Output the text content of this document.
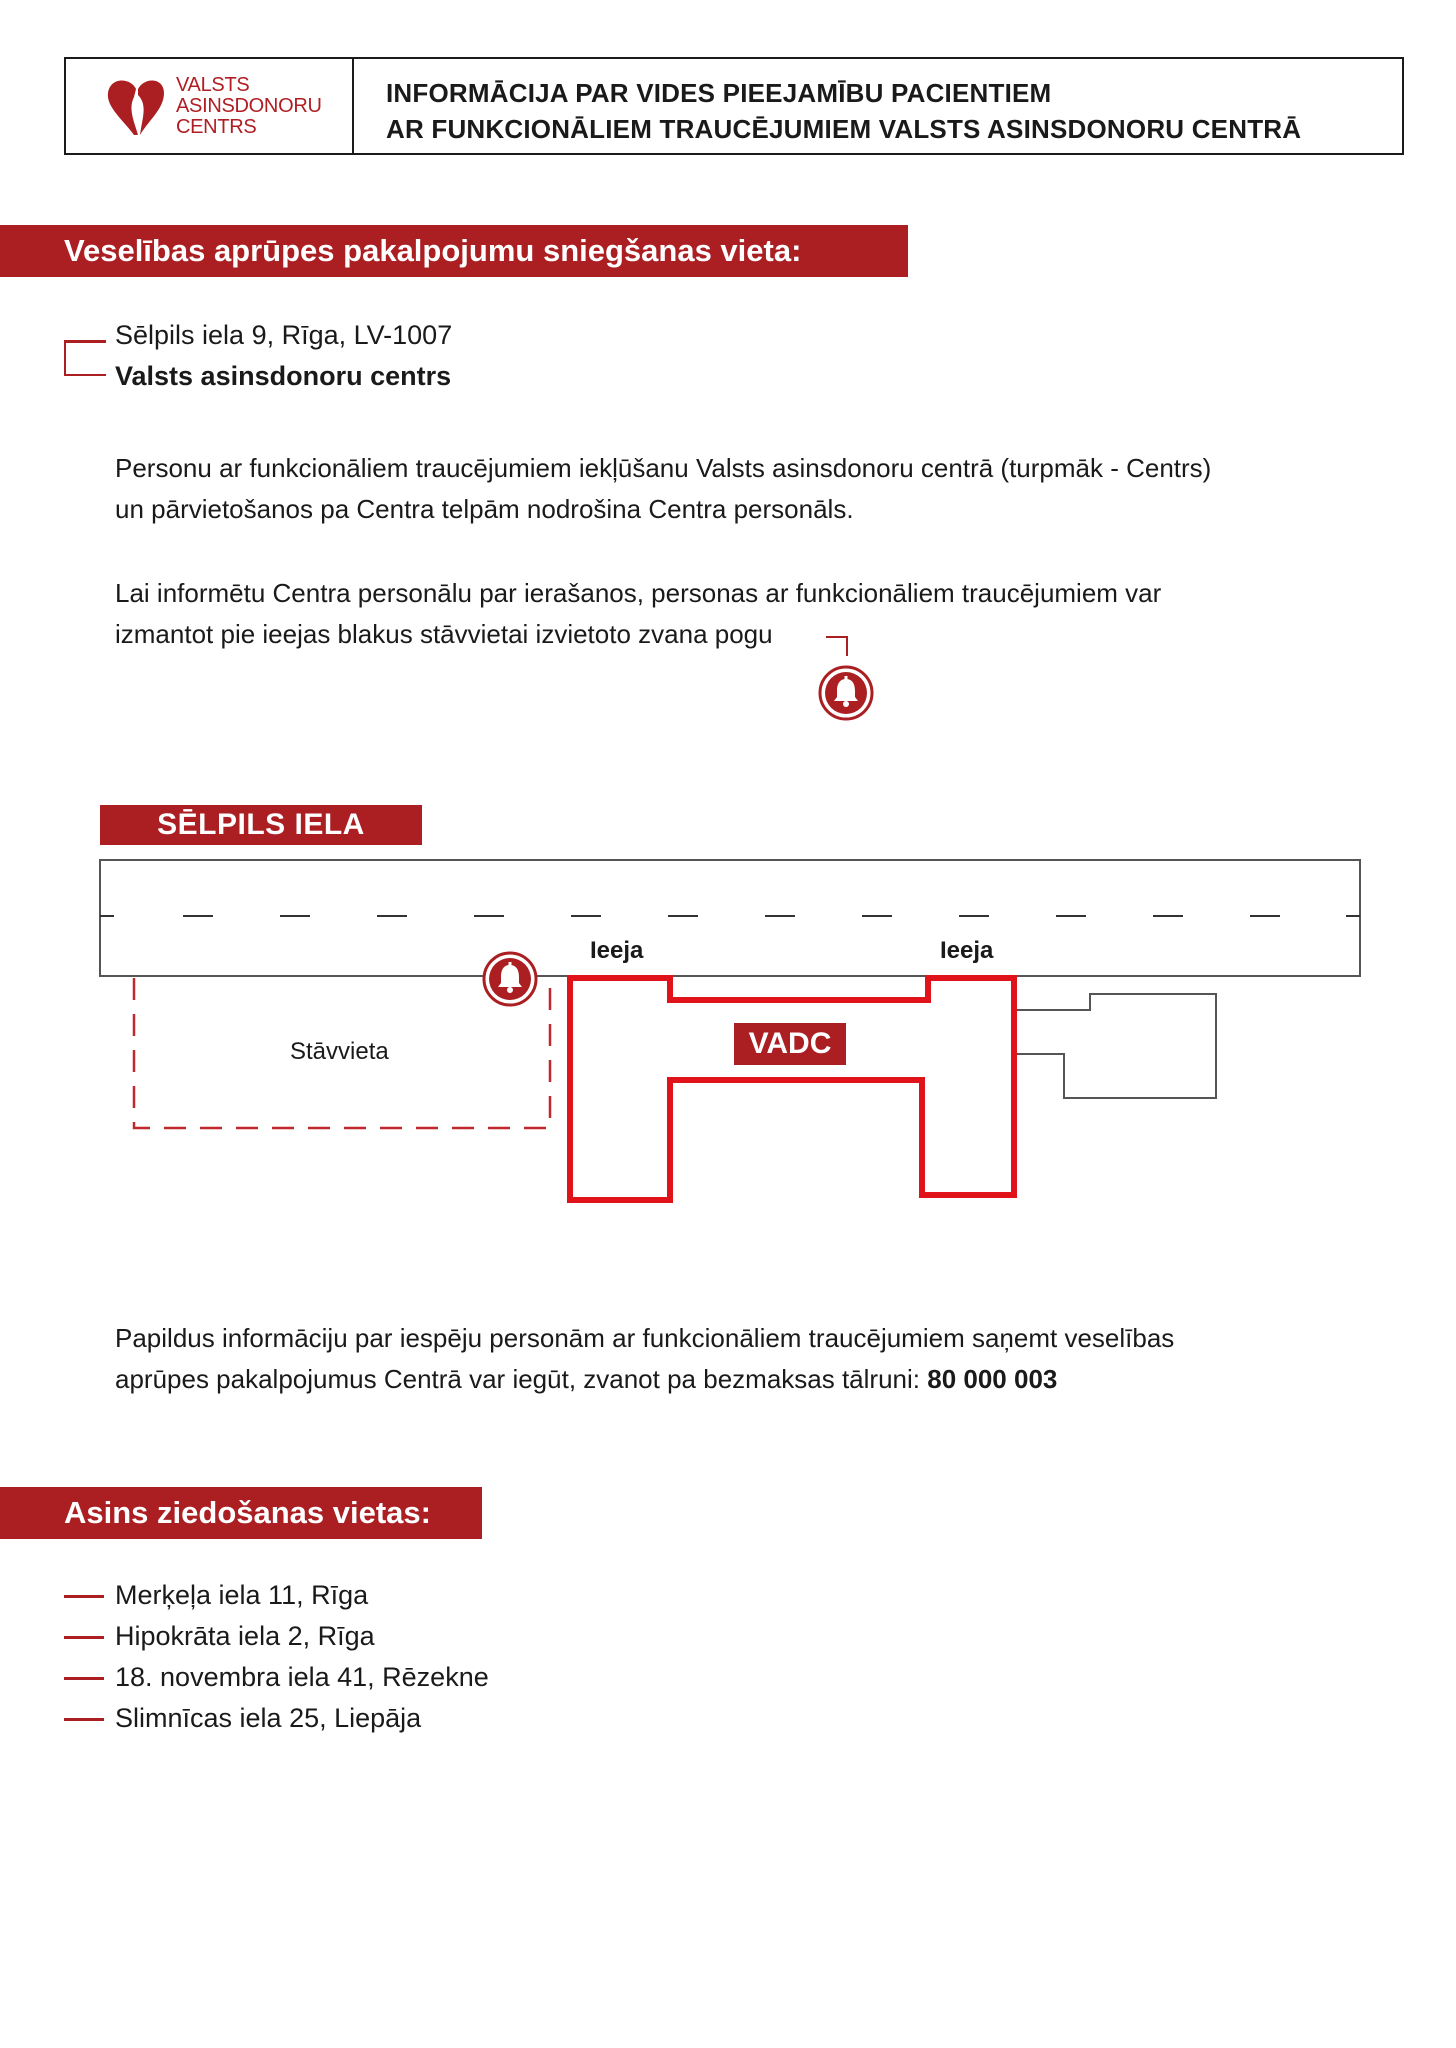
VALSTS
ASINSDONORU
CENTRS
INFORMĀCIJA PAR VIDES PIEEJAMĪBU PACIENTIEM
AR FUNKCIONĀLIEM TRAUCĒJUMIEM VALSTS ASINSDONORU CENTRĀ
Veselības aprūpes pakalpojumu sniegšanas vieta:
Sēlpils iela 9, Rīga, LV-1007
Valsts asinsdonoru centrs
Personu ar funkcionāliem traucējumiem iekļūšanu Valsts asinsdonoru centrā (turpmāk - Centrs)
un pārvietošanos pa Centra telpām nodrošina Centra personāls.
Lai informētu Centra personālu par ierašanos, personas ar funkcionāliem traucējumiem var
izmantot pie ieejas blakus stāvvietai izvietoto zvana pogu
SĒLPILS IELA
Stāvvieta
Ieeja	Ieeja
VADC
Papildus informāciju par iespēju personām ar funkcionāliem traucējumiem saņemt veselības
aprūpes pakalpojumus Centrā var iegūt, zvanot pa bezmaksas tālruni: 80 000 003
Asins ziedošanas vietas:
Merķeļa iela 11, Rīga
Hipokrāta iela 2, Rīga
18. novembra iela 41, Rēzekne
Slimnīcas iela 25, Liepāja
